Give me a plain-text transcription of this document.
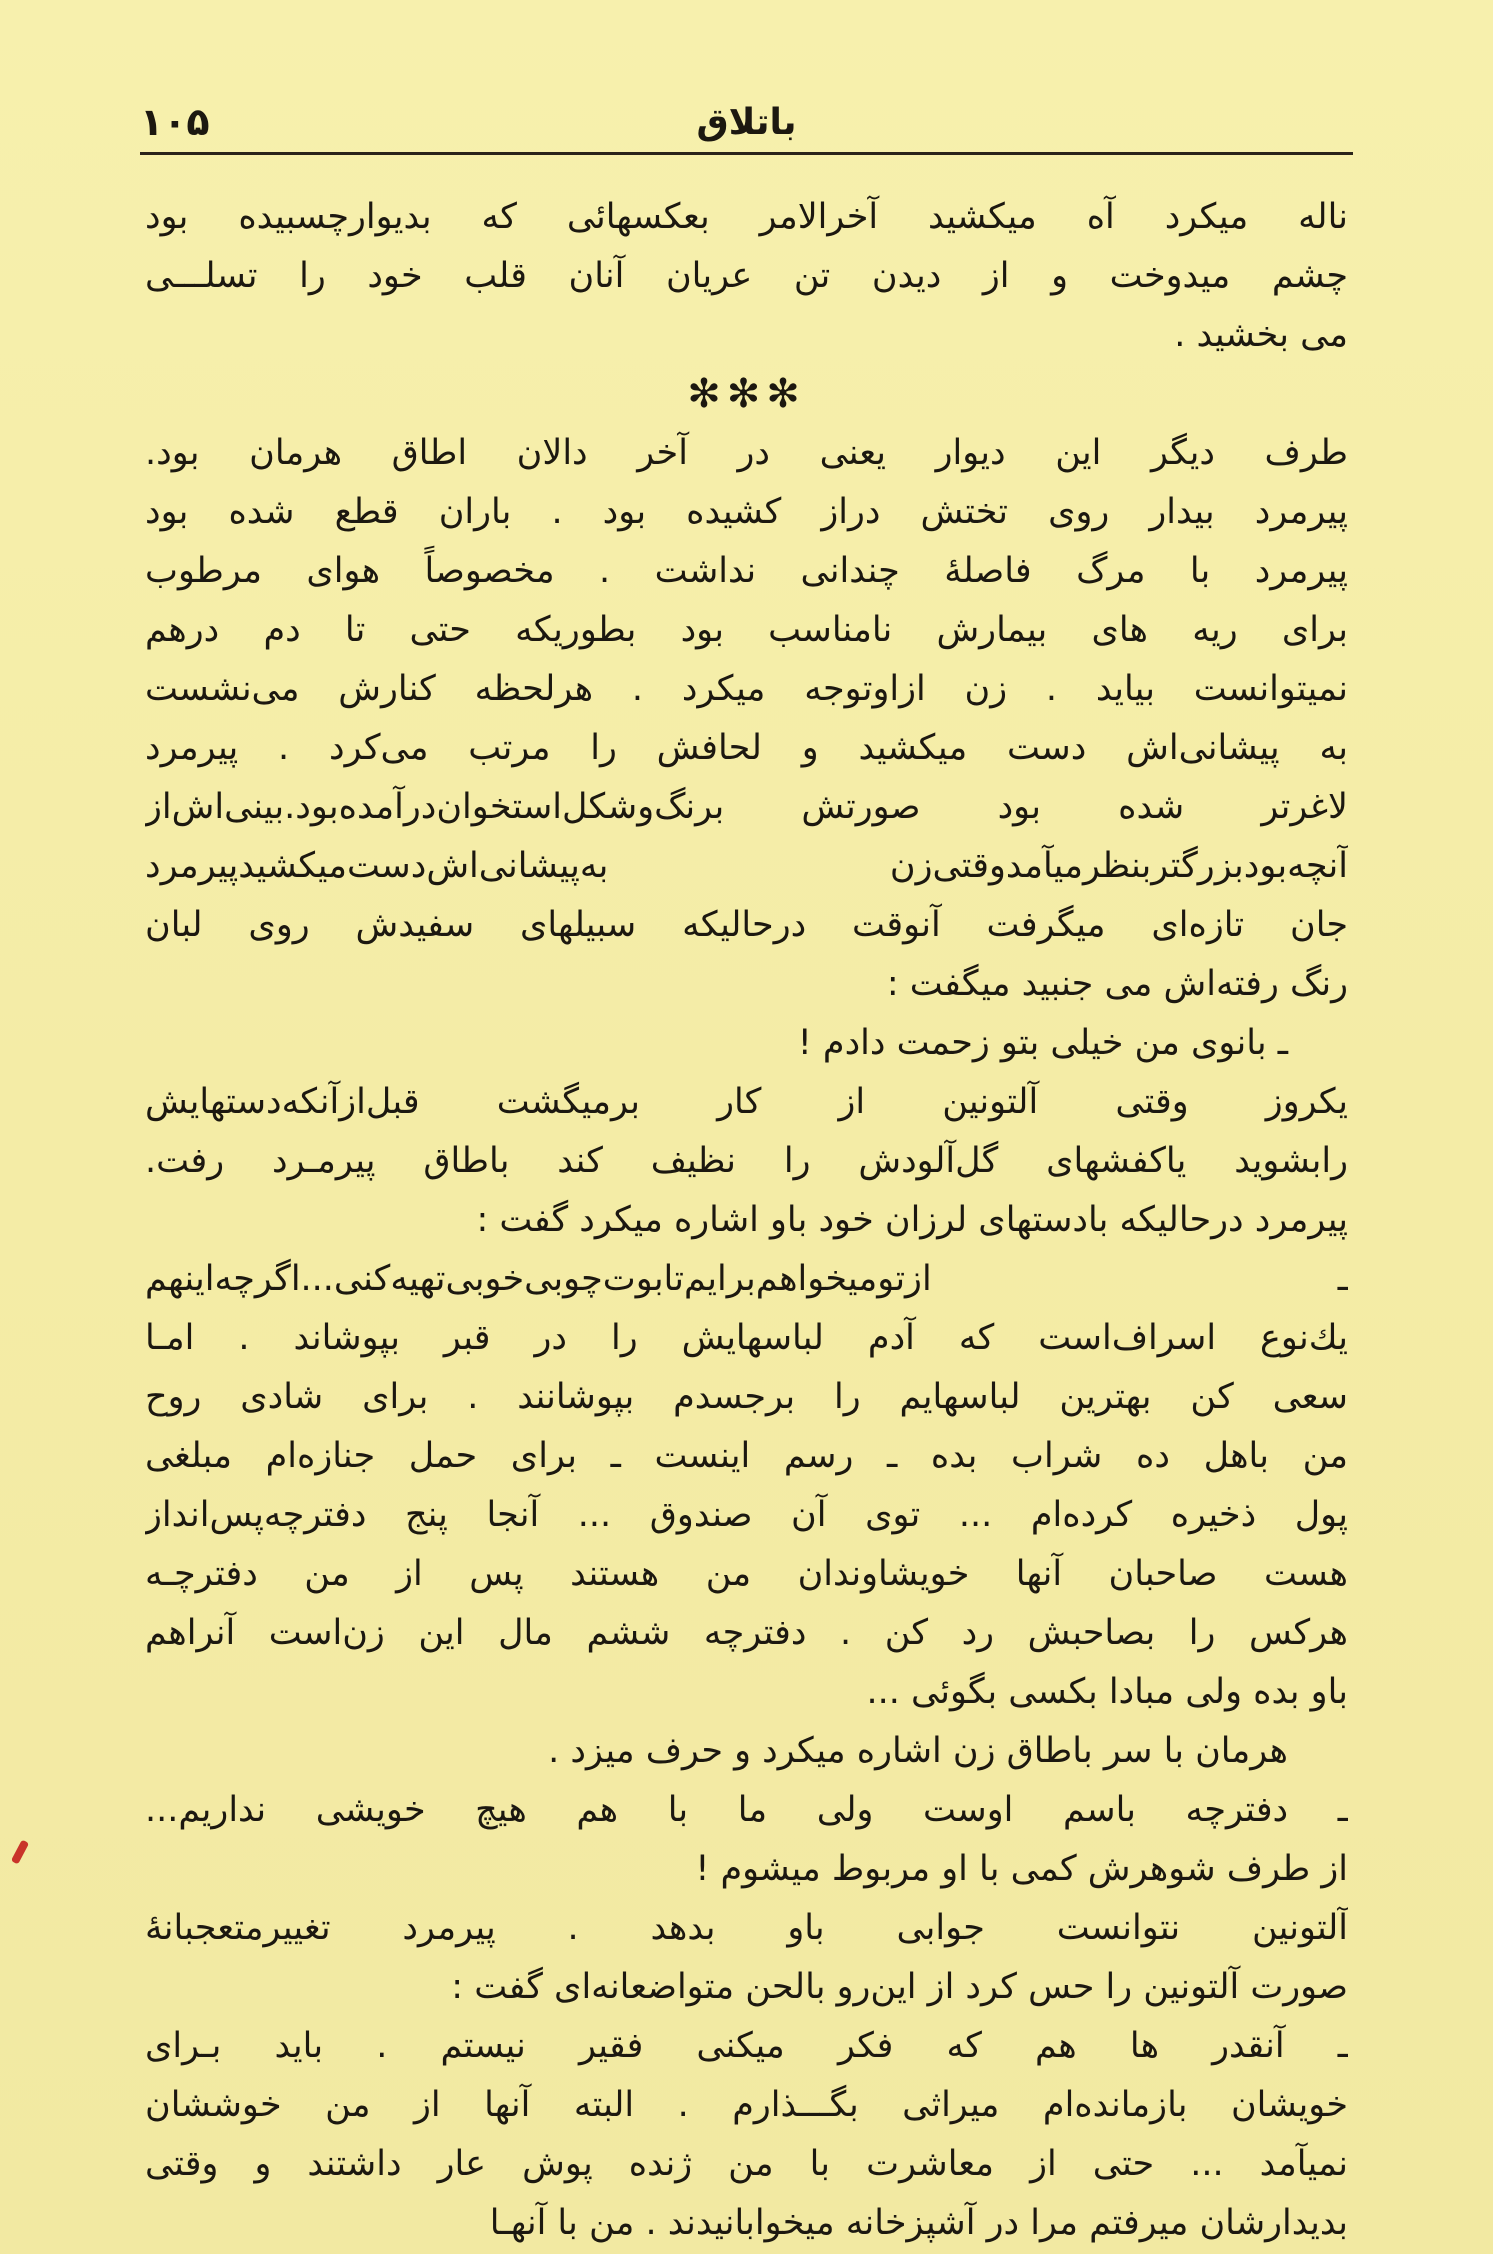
۱۰۵	باتلاق
ناله میکرد آه میکشید آخرالامر بعکسهائی که بدیوارچسبیده بود
چشم میدوخت و از دیدن تن عریان آنان قلب خود را تسلـــی
می بخشید .
✻✻✻
طرف دیگر این دیوار یعنی در آخر دالان اطاق هرمان بود.
پیرمرد بیدار روی تختش دراز کشیده بود . باران قطع شده بود
پیرمرد با مرگ فاصلهٔ چندانی نداشت . مخصوصاً هوای مرطوب
برای ریه های بیمارش نامناسب بود بطوریکه حتی تا دم درهم
نمیتوانست بیاید . زن ازاوتوجه میکرد . هرلحظه کنارش می‌نشست
به پیشانی‌اش دست میکشید و لحافش را مرتب می‌کرد . پیرمرد
لاغرتر شده بود صورتش برنگ‌وشکل‌استخوان‌درآمده‌بود.بینی‌اش‌از
آنچه‌بودبزرگتربنظرمیآمدوقتی‌زن به‌پیشانی‌اش‌دست‌میکشیدپیرمرد
جان تازه‌ای میگرفت آنوقت درحالیکه سبیلهای سفیدش روی لبان
رنگ رفته‌اش می جنبید میگفت :
ـ بانوی من خیلی بتو زحمت دادم !
یکروز وقتی آلتونین از کار برمیگشت قبل‌ازآنکه‌دستهایش
رابشوید یاکفشهای گل‌آلودش را نظیف کند باطاق پیرمـرد رفت.
پیرمرد درحالیکه بادستهای لرزان خود باو اشاره میکرد گفت :
ـ ازتومیخواهم‌برایم‌تابوت‌چوبی‌خوبی‌تهیه‌کنی...اگرچه‌اینهم
یك‌نوع اسراف‌است که آدم لباسهایش را در قبر بپوشاند . امـا
سعی کن بهترین لباسهایم را برجسدم بپوشانند . برای شادی روح
من باهل ده شراب بده ـ رسم اینست ـ برای حمل جنازه‌ام مبلغی
پول ذخیره کرده‌ام ... توی آن صندوق ... آنجا پنج دفترچه‌پس‌انداز
هست صاحبان آنها خویشاوندان من هستند پس از من دفترچـه
هرکس را بصاحبش رد کن . دفترچه ششم مال این زن‌است آنراهم
باو بده ولی مبادا بکسی بگوئی ...
هرمان با سر باطاق زن اشاره میکرد و حرف میزد .
ـ دفترچه باسم اوست ولی ما با هم هیچ خویشی نداریم...
از طرف شوهرش کمی با او مربوط میشوم !
آلتونین نتوانست جوابی باو بدهد . پیرمرد تغییرمتعجبانهٔ
صورت آلتونین را حس کرد از این‌رو بالحن متواضعانه‌ای گفت :
ـ آنقدر ها هم که فکر میکنی فقیر نیستم . باید بـرای
خویشان بازمانده‌ام میراثی بگـــذارم . البته آنها از من خوششان
نمیآمد ... حتی از معاشرت با من ژنده پوش عار داشتند و وقتی
بدیدارشان میرفتم مرا در آشپزخانه میخوابانیدند . من با آنهـا
